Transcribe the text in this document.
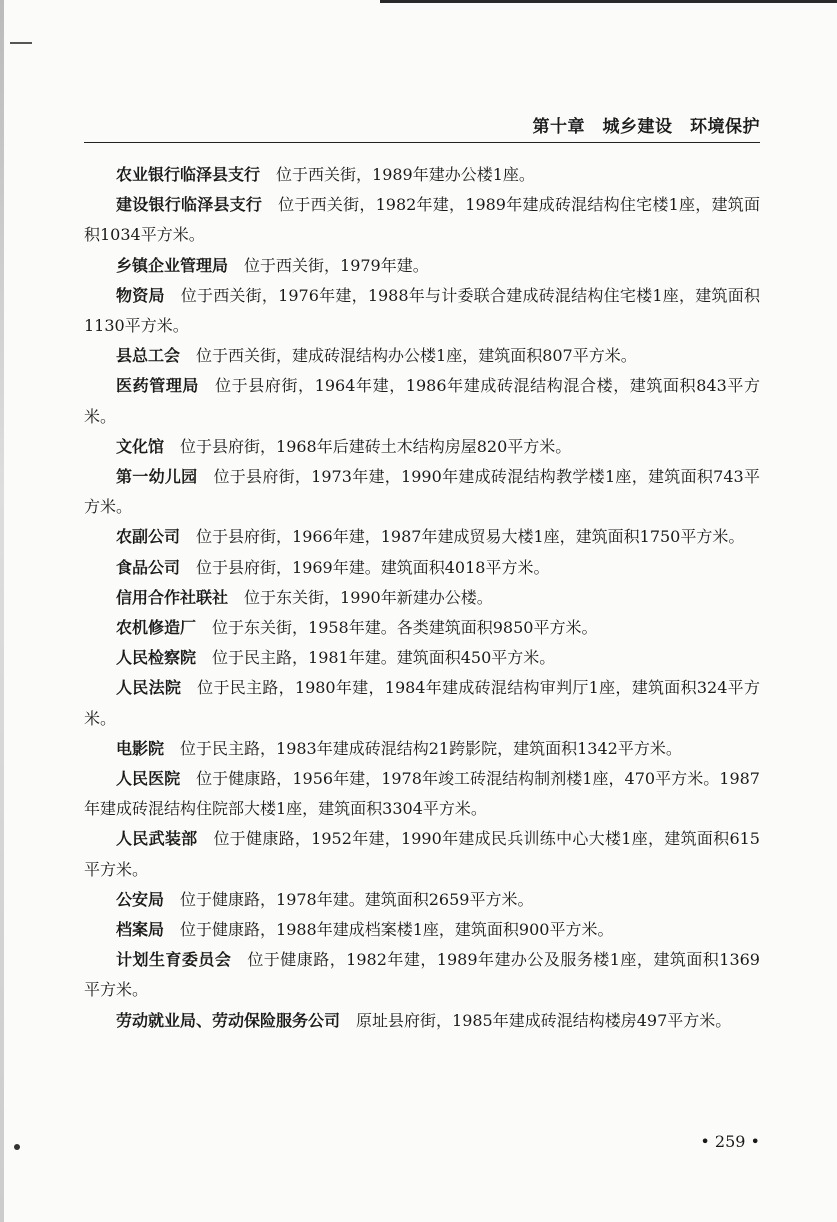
第十章　城乡建设　环境保护

农业银行临泽县支行 位于西关街，1989年建办公楼1座。

建设银行临泽县支行 位于西关街，1982年建，1989年建成砖混结构住宅楼1座，建筑面积1034平方米。

乡镇企业管理局 位于西关街，1979年建。

物资局 位于西关街，1976年建，1988年与计委联合建成砖混结构住宅楼1座，建筑面积1130平方米。

县总工会 位于西关街，建成砖混结构办公楼1座，建筑面积807平方米。

医药管理局 位于县府街，1964年建，1986年建成砖混结构混合楼，建筑面积843平方米。

文化馆 位于县府街，1968年后建砖土木结构房屋820平方米。

第一幼儿园 位于县府街，1973年建，1990年建成砖混结构教学楼1座，建筑面积743平方米。

农副公司 位于县府街，1966年建，1987年建成贸易大楼1座，建筑面积1750平方米。

食品公司 位于县府街，1969年建。建筑面积4018平方米。

信用合作社联社 位于东关街，1990年新建办公楼。

农机修造厂 位于东关街，1958年建。各类建筑面积9850平方米。

人民检察院 位于民主路，1981年建。建筑面积450平方米。

人民法院 位于民主路，1980年建，1984年建成砖混结构审判厅1座，建筑面积324平方米。

电影院 位于民主路，1983年建成砖混结构21跨影院，建筑面积1342平方米。

人民医院 位于健康路，1956年建，1978年竣工砖混结构制剂楼1座，470平方米。1987年建成砖混结构住院部大楼1座，建筑面积3304平方米。

人民武装部 位于健康路，1952年建，1990年建成民兵训练中心大楼1座，建筑面积615平方米。

公安局 位于健康路，1978年建。建筑面积2659平方米。

档案局 位于健康路，1988年建成档案楼1座，建筑面积900平方米。

计划生育委员会 位于健康路，1982年建，1989年建办公及服务楼1座，建筑面积1369平方米。

劳动就业局、劳动保险服务公司 原址县府街，1985年建成砖混结构楼房497平方米。

• 259 •
